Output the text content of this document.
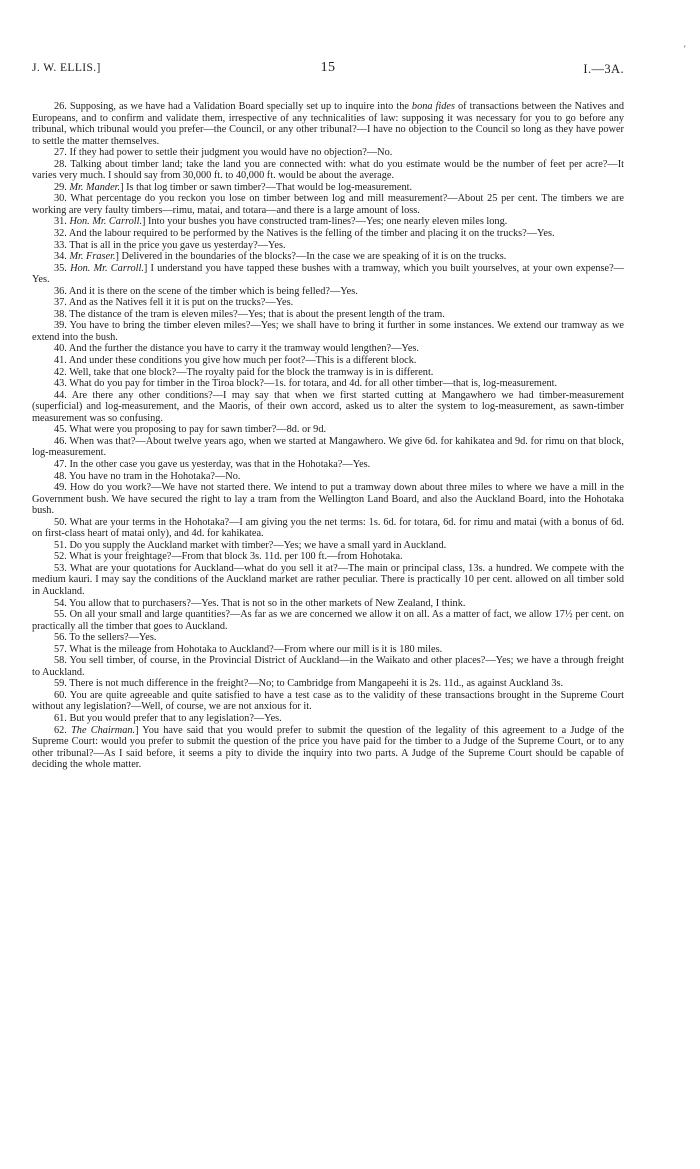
'
J. W. ELLIS.]	15	I.—3A.

26. Supposing, as we have had a Validation Board specially set up to inquire into the bona fides of transactions between the Natives and Europeans, and to confirm and validate them, irrespective of any technicalities of law: supposing it was necessary for you to go before any tribunal, which tribunal would you prefer—the Council, or any other tribunal?—I have no objection to the Council so long as they have power to settle the matter themselves.

27. If they had power to settle their judgment you would have no objection?—No.

28. Talking about timber land; take the land you are connected with: what do you estimate would be the number of feet per acre?—It varies very much. I should say from 30,000 ft. to 40,000 ft. would be about the average.

29. Mr. Mander.] Is that log timber or sawn timber?—That would be log-measurement.

30. What percentage do you reckon you lose on timber between log and mill measurement?—About 25 per cent. The timbers we are working are very faulty timbers—rimu, matai, and totara—and there is a large amount of loss.

31. Hon. Mr. Carroll.] Into your bushes you have constructed tram-lines?—Yes; one nearly eleven miles long.

32. And the labour required to be performed by the Natives is the felling of the timber and placing it on the trucks?—Yes.

33. That is all in the price you gave us yesterday?—Yes.

34. Mr. Fraser.] Delivered in the boundaries of the blocks?—In the case we are speaking of it is on the trucks.

35. Hon. Mr. Carroll.] I understand you have tapped these bushes with a tramway, which you built yourselves, at your own expense?—Yes.

36. And it is there on the scene of the timber which is being felled?—Yes.

37. And as the Natives fell it it is put on the trucks?—Yes.

38. The distance of the tram is eleven miles?—Yes; that is about the present length of the tram.

39. You have to bring the timber eleven miles?—Yes; we shall have to bring it further in some instances. We extend our tramway as we extend into the bush.

40. And the further the distance you have to carry it the tramway would lengthen?—Yes.

41. And under these conditions you give how much per foot?—This is a different block.

42. Well, take that one block?—The royalty paid for the block the tramway is in is different.

43. What do you pay for timber in the Tiroa block?—1s. for totara, and 4d. for all other timber—that is, log-measurement.

44. Are there any other conditions?—I may say that when we first started cutting at Mangawhero we had timber-measurement (superficial) and log-measurement, and the Maoris, of their own accord, asked us to alter the system to log-measurement, as sawn-timber measurement was so confusing.

45. What were you proposing to pay for sawn timber?—8d. or 9d.

46. When was that?—About twelve years ago, when we started at Mangawhero. We give 6d. for kahikatea and 9d. for rimu on that block, log-measurement.

47. In the other case you gave us yesterday, was that in the Hohotaka?—Yes.

48. You have no tram in the Hohotaka?—No.

49. How do you work?—We have not started there. We intend to put a tramway down about three miles to where we have a mill in the Government bush. We have secured the right to lay a tram from the Wellington Land Board, and also the Auckland Board, into the Hohotaka bush.

50. What are your terms in the Hohotaka?—I am giving you the net terms: 1s. 6d. for totara, 6d. for rimu and matai (with a bonus of 6d. on first-class heart of matai only), and 4d. for kahikatea.

51. Do you supply the Auckland market with timber?—Yes; we have a small yard in Auckland.

52. What is your freightage?—From that block 3s. 11d. per 100 ft.—from Hohotaka.

53. What are your quotations for Auckland—what do you sell it at?—The main or principal class, 13s. a hundred. We compete with the medium kauri. I may say the conditions of the Auckland market are rather peculiar. There is practically 10 per cent. allowed on all timber sold in Auckland.

54. You allow that to purchasers?—Yes. That is not so in the other markets of New Zealand, I think.

55. On all your small and large quantities?—As far as we are concerned we allow it on all. As a matter of fact, we allow 17½ per cent. on practically all the timber that goes to Auckland.

56. To the sellers?—Yes.

57. What is the mileage from Hohotaka to Auckland?—From where our mill is it is 180 miles.

58. You sell timber, of course, in the Provincial District of Auckland—in the Waikato and other places?—Yes; we have a through freight to Auckland.

59. There is not much difference in the freight?—No; to Cambridge from Mangapeehi it is 2s. 11d., as against Auckland 3s.

60. You are quite agreeable and quite satisfied to have a test case as to the validity of these transactions brought in the Supreme Court without any legislation?—Well, of course, we are not anxious for it.

61. But you would prefer that to any legislation?—Yes.

62. The Chairman.] You have said that you would prefer to submit the question of the legality of this agreement to a Judge of the Supreme Court: would you prefer to submit the question of the price you have paid for the timber to a Judge of the Supreme Court, or to any other tribunal?—As I said before, it seems a pity to divide the inquiry into two parts. A Judge of the Supreme Court should be capable of deciding the whole matter.
